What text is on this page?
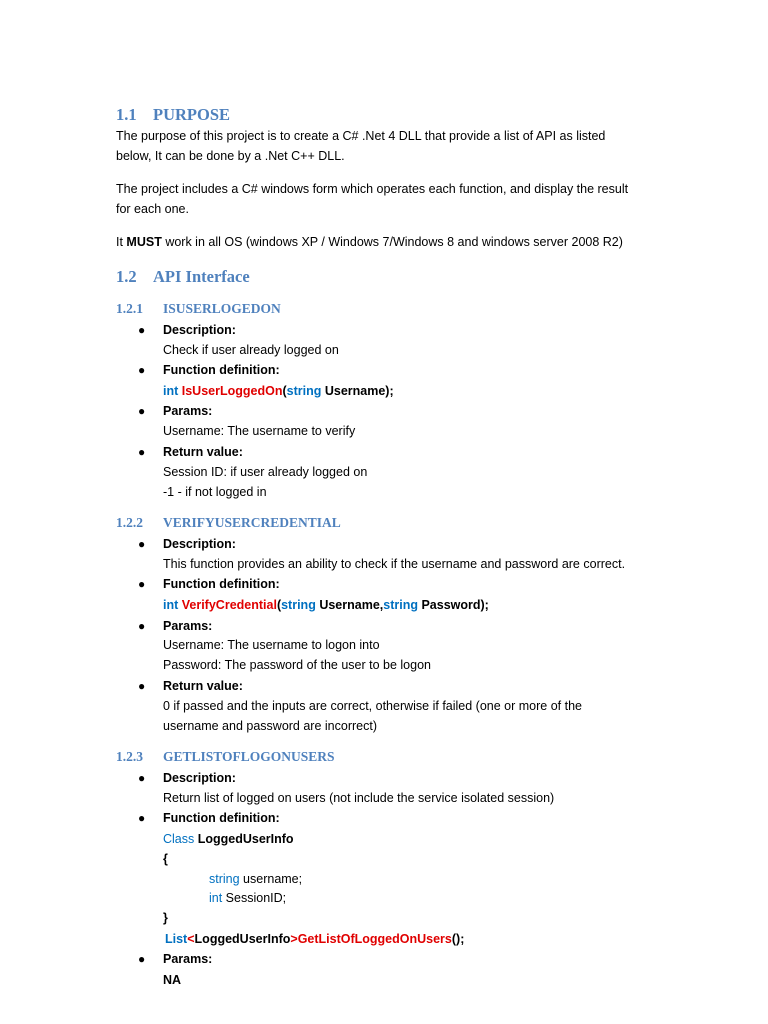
1.1 PURPOSE
The purpose of this project is to create a C# .Net 4 DLL that provide a list of API as listed
below, It can be done by a .Net C++ DLL.
The project includes a C# windows form which operates each function, and display the result
for each one.
It MUST work in all OS (windows XP / Windows 7/Windows 8 and windows server 2008 R2)
1.2 API Interface
1.2.1 ISUSERLOGEDON
● Description:
Check if user already logged on
● Function definition:
int IsUserLoggedOn(string Username);
● Params:
Username: The username to verify
● Return value:
Session ID: if user already logged on
-1 - if not logged in
1.2.2 VERIFYUSERCREDENTIAL
● Description:
This function provides an ability to check if the username and password are correct.
● Function definition:
int VerifyCredential(string Username,string Password);
● Params:
Username: The username to logon into
Password: The password of the user to be logon
● Return value:
0 if passed and the inputs are correct, otherwise if failed (one or more of the
username and password are incorrect)
1.2.3 GETLISTOFLOGONUSERS
● Description:
Return list of logged on users (not include the service isolated session)
● Function definition:
Class LoggedUserInfo
{
string username;
int SessionID;
}
List<LoggedUserInfo>GetListOfLoggedOnUsers();
● Params:
NA
